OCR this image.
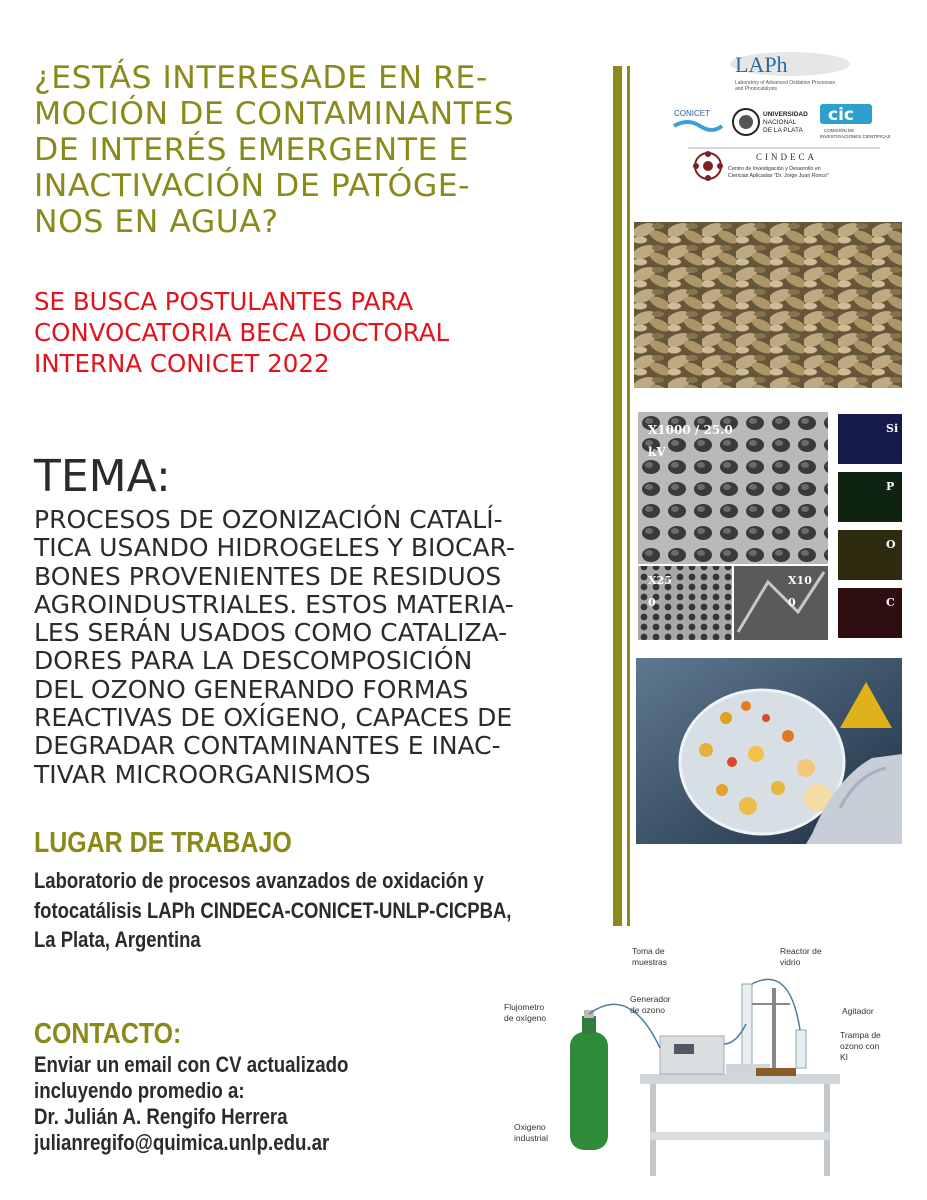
¿ESTÁS INTERESADE EN RE-
MOCIÓN DE CONTAMINANTES
DE INTERÉS EMERGENTE E
INACTIVACIÓN DE PATÓGE-
NOS EN AGUA?
SE BUSCA POSTULANTES PARA
CONVOCATORIA BECA DOCTORAL
INTERNA CONICET 2022
TEMA:
PROCESOS DE OZONIZACIÓN CATALÍ-
TICA USANDO HIDROGELES Y BIOCAR-
BONES PROVENIENTES DE RESIDUOS
AGROINDUSTRIALES. ESTOS MATERIA-
LES SERÁN USADOS COMO CATALIZA-
DORES PARA LA DESCOMPOSICIÓN
DEL OZONO GENERANDO FORMAS
REACTIVAS DE OXÍGENO, CAPACES DE
DEGRADAR CONTAMINANTES E INAC-
TIVAR MICROORGANISMOS
LUGAR DE TRABAJO
Laboratorio de procesos avanzados de oxidación y
fotocatálisis LAPh CINDECA-CONICET-UNLP-CICPBA,
La Plata, Argentina
CONTACTO:
Enviar un email con CV actualizado
incluyendo promedio a:
Dr. Julián A. Rengifo Herrera
julianregifo@quimica.unlp.edu.ar
LAPh
Laboratory of Advanced Oxidation Processes
and Photocatalysis
CONICET	UNIVERSIDAD
NACIONAL
DE LA PLATA
cic
COMISIÓN DE
INVESTIGACIONES CIENTÍFICAS
CINDECA
Centro de Investigación y Desarrollo en
Ciencias Aplicadas "Dr. Jorge Juan Ronco"
X1000 / 25.0
kV
X25
0
X10
0
Si
P
O
C
Toma de
muestras
Reactor de
vidrio
Flujometro
de oxígeno
Generador
de ozono	Agitador
Trampa de
ozono con
KI
Oxigeno
industrial
